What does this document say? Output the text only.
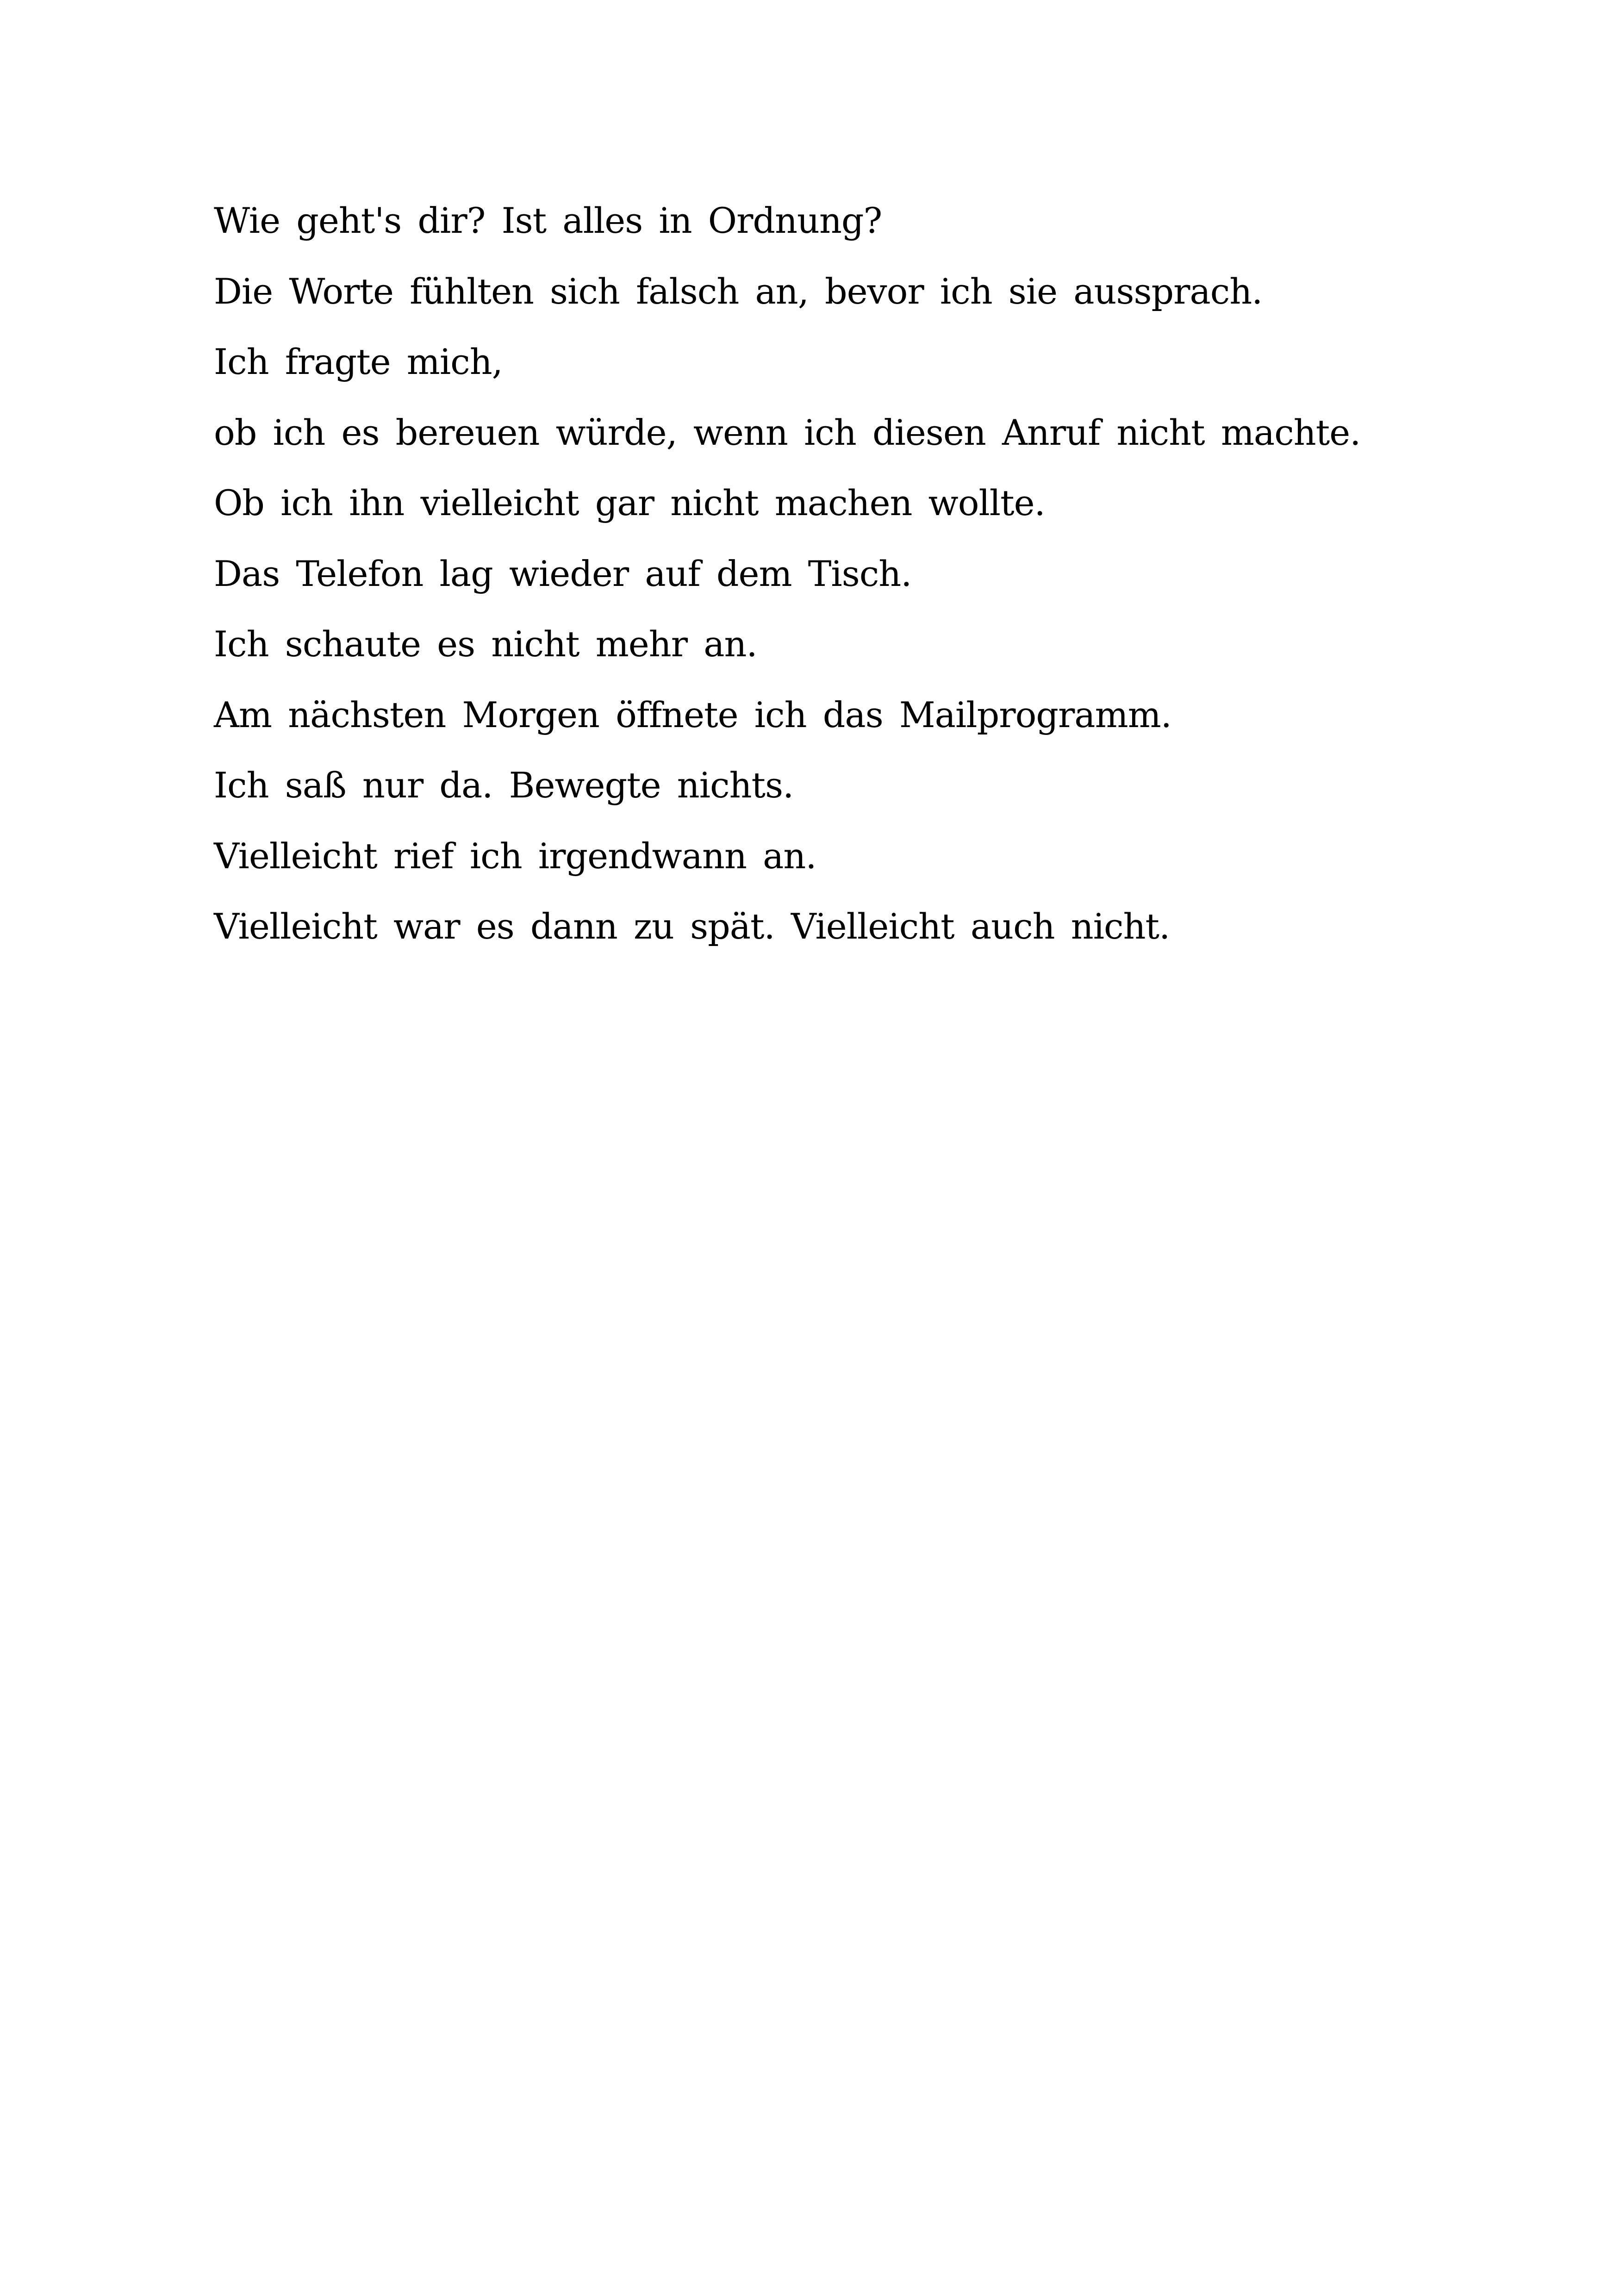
Wie geht's dir? Ist alles in Ordnung?

Die Worte fühlten sich falsch an, bevor ich sie aussprach.

Ich fragte mich,

ob ich es bereuen würde, wenn ich diesen Anruf nicht machte.

Ob ich ihn vielleicht gar nicht machen wollte.

Das Telefon lag wieder auf dem Tisch.

Ich schaute es nicht mehr an.

Am nächsten Morgen öffnete ich das Mailprogramm.

Ich saß nur da. Bewegte nichts.

Vielleicht rief ich irgendwann an.

Vielleicht war es dann zu spät. Vielleicht auch nicht.
